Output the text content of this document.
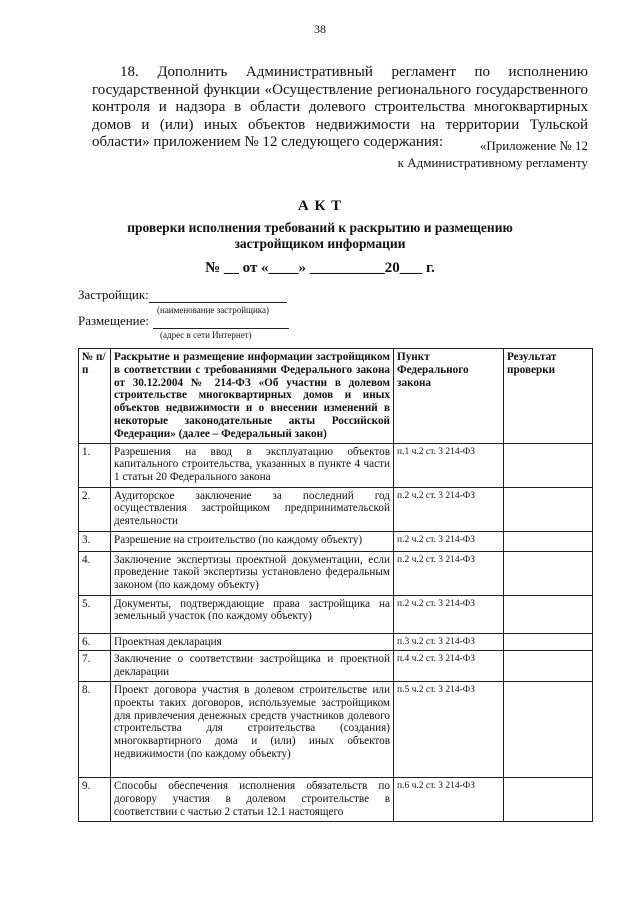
38
18. Дополнить Административный регламент по исполнению государственной функции «Осуществление регионального государственного контроля и надзора в области долевого строительства многоквартирных домов и (или) иных объектов недвижимости на территории Тульской области» приложением № 12 следующего содержания:	«Приложение № 12
к Административному регламенту
А К Т
проверки исполнения требований к раскрытию и размещению
застройщиком информации
№ __ от «____» __________20___ г.
Застройщик:
(наименование застройщика)
Размещение:
(адрес в сети Интернет)
№ п/п	Раскрытие и размещение информации застройщиком в соответствии с требованиями Федерального закона от 30.12.2004 № 214-ФЗ «Об участии в долевом строительстве многоквартирных домов и иных объектов недвижимости и о внесении изменений в некоторые законодательные акты Российской Федерации» (далее – Федеральный закон)	Пункт Федерального закона	Результат проверки
1.	Разрешения на ввод в эксплуатацию объектов капитального строительства, указанных в пункте 4 части 1 статьи 20 Федерального закона	п.1 ч.2 ст. 3 214-ФЗ	
2.	Аудиторское заключение за последний год осуществления застройщиком предпринимательской деятельности	п.2 ч.2 ст. 3 214-ФЗ	
3.	Разрешение на строительство (по каждому объекту)	п.2 ч.2 ст. 3 214-ФЗ	
4.	Заключение экспертизы проектной документации, если проведение такой экспертизы установлено федеральным законом (по каждому объекту)	п.2 ч.2 ст. 3 214-ФЗ	
5.	Документы, подтверждающие права застройщика на земельный участок (по каждому объекту)	п.2 ч.2 ст. 3 214-ФЗ	
6.	Проектная декларация	п.3 ч.2 ст. 3 214-ФЗ	
7.	Заключение о соответствии застройщика и проектной декларации	п.4 ч.2 ст. 3 214-ФЗ	
8.	Проект договора участия в долевом строительстве или проекты таких договоров, используемые застройщиком для привлечения денежных средств участников долевого строительства для строительства (создания) многоквартирного дома и (или) иных объектов недвижимости (по каждому объекту)	п.5 ч.2 ст. 3 214-ФЗ	
9.	Способы обеспечения исполнения обязательств по договору участия в долевом строительстве в соответствии с частью 2 статьи 12.1 настоящего	п.6 ч.2 ст. 3 214-ФЗ	
